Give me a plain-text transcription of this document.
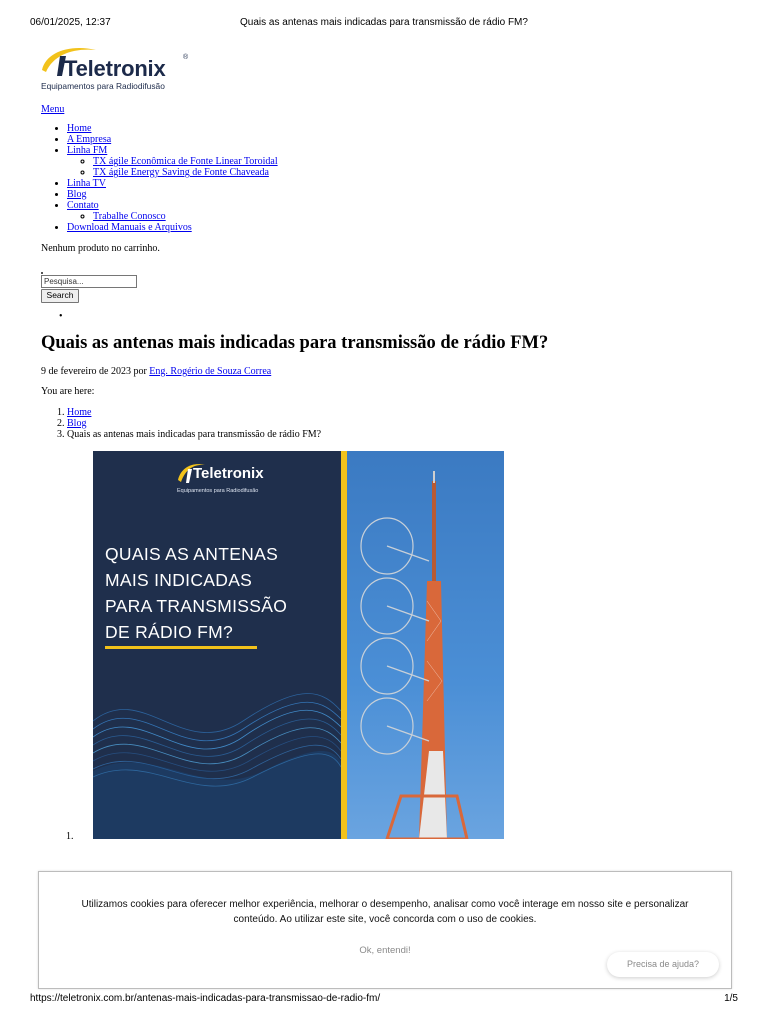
06/01/2025, 12:37	Quais as antenas mais indicadas para transmissão de rádio FM?
Teletronix ®
Equipamentos para Radiodifusão
Menu
• Home
• A Empresa
• Linha FM
◦ TX ágile Econômica de Fonte Linear Toroidal
◦ TX ágile Energy Saving de Fonte Chaveada
• Linha TV
• Blog
• Contato
◦ Trabalhe Conosco
• Download Manuais e Arquivos
Nenhum produto no carrinho.
Pesquisa...
Search
•
Quais as antenas mais indicadas para transmissão de rádio FM?
9 de fevereiro de 2023 por Eng. Rogério de Souza Correa
You are here:
1. Home
2. Blog
3. Quais as antenas mais indicadas para transmissão de rádio FM?
Teletronix
Equipamentos para Radiodifusão
QUAIS AS ANTENAS
MAIS INDICADAS
PARA TRANSMISSÃO
DE RÁDIO FM?
1.
Utilizamos cookies para oferecer melhor experiência, melhorar o desempenho, analisar como você interage em nosso site e personalizar conteúdo. Ao utilizar este site, você concorda com o uso de cookies.
Ok, entendi!
Precisa de ajuda?
https://teletronix.com.br/antenas-mais-indicadas-para-transmissao-de-radio-fm/	1/5
